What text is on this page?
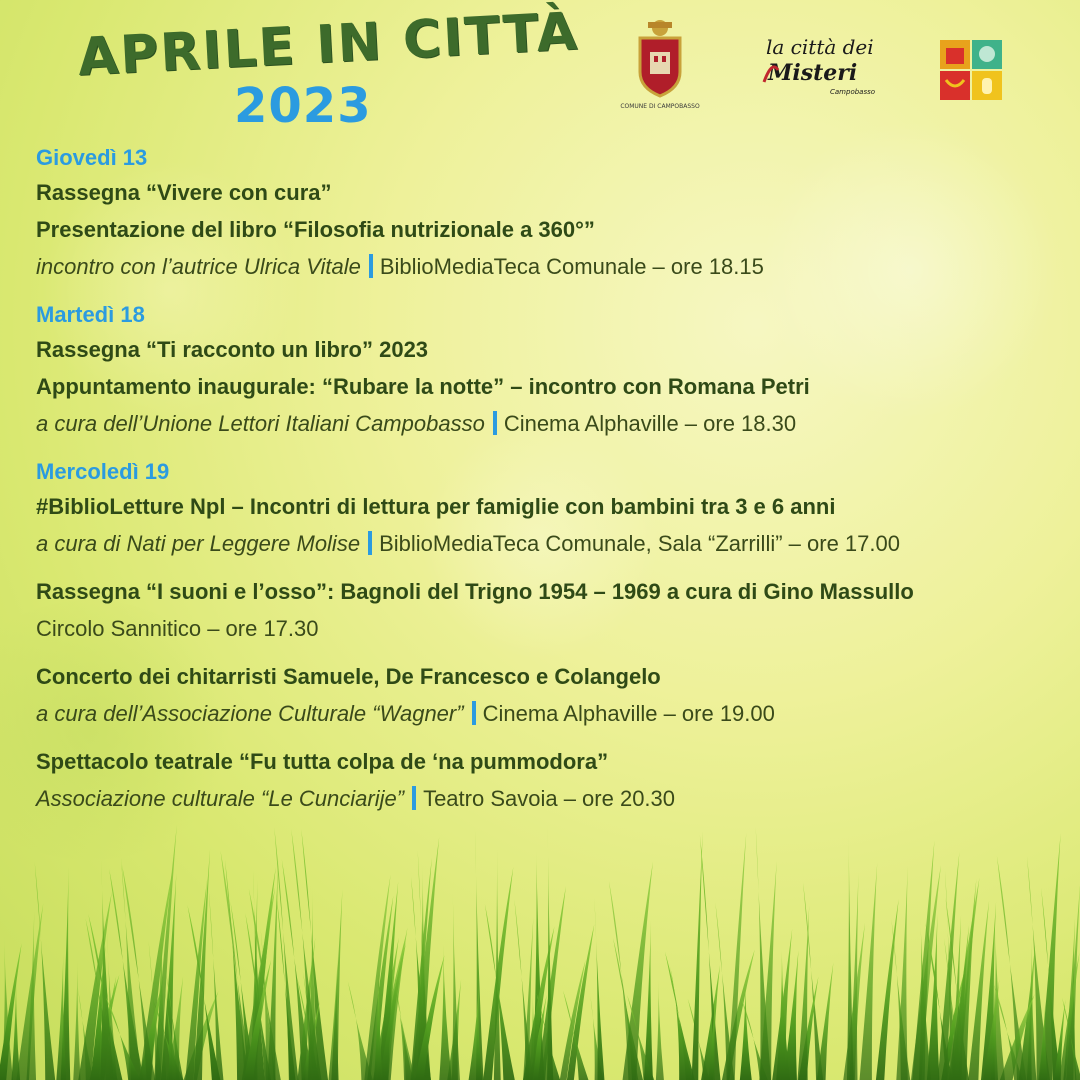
APRILE IN CITTÀ
2023	COMUNE DI CAMPOBASSO
la città dei
Misteri
Campobasso
Giovedì 13
Rassegna “Vivere con cura”
Presentazione del libro “Filosofia nutrizionale a 360°”
incontro con l’autrice Ulrica Vitale BiblioMediaTeca Comunale – ore 18.15
Martedì 18
Rassegna “Ti racconto un libro” 2023
Appuntamento inaugurale: “Rubare la notte” – incontro con Romana Petri
a cura dell’Unione Lettori Italiani Campobasso Cinema Alphaville – ore 18.30
Mercoledì 19
#BiblioLetture Npl – Incontri di lettura per famiglie con bambini tra 3 e 6 anni
a cura di Nati per Leggere Molise BiblioMediaTeca Comunale, Sala “Zarrilli” – ore 17.00
Rassegna “I suoni e l’osso”: Bagnoli del Trigno 1954 – 1969 a cura di Gino Massullo
Circolo Sannitico – ore 17.30
Concerto dei chitarristi Samuele, De Francesco e Colangelo
a cura dell’Associazione Culturale “Wagner” Cinema Alphaville – ore 19.00
Spettacolo teatrale “Fu tutta colpa de ‘na pummodora”
Associazione culturale “Le Cunciarije” Teatro Savoia – ore 20.30
